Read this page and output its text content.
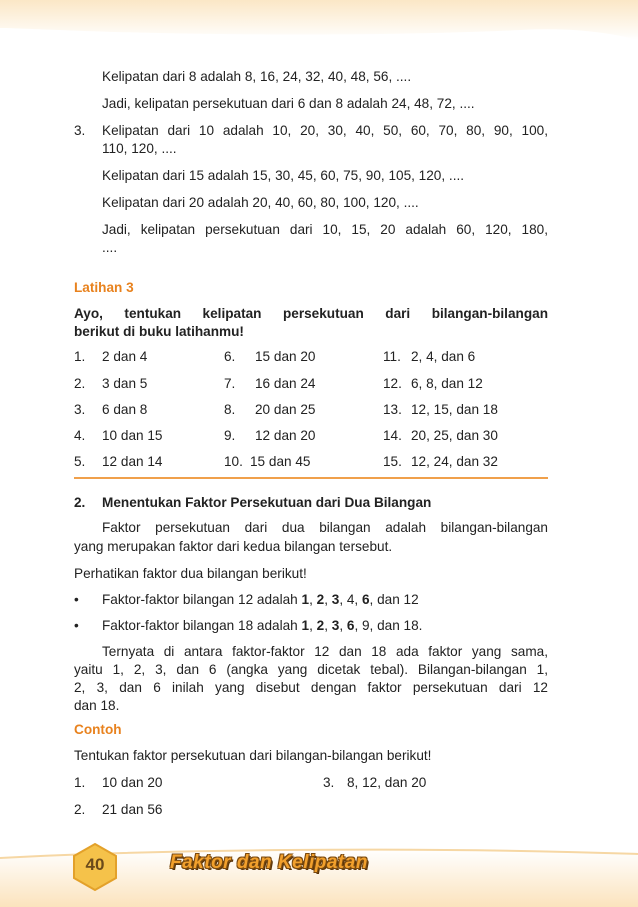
Kelipatan dari 8 adalah 8, 16, 24, 32, 40, 48, 56, ....
Jadi, kelipatan persekutuan dari 6 dan 8 adalah 24, 48, 72, ....
3. Kelipatan dari 10 adalah 10, 20, 30, 40, 50, 60, 70, 80, 90, 100,
110, 120, ....
Kelipatan dari 15 adalah 15, 30, 45, 60, 75, 90, 105, 120, ....
Kelipatan dari 20 adalah 20, 40, 60, 80, 100, 120, ....
Jadi, kelipatan persekutuan dari 10, 15, 20 adalah 60, 120, 180,
....
Latihan 3
Ayo, tentukan kelipatan persekutuan dari bilangan-bilangan
berikut di buku latihanmu!
1. 2 dan 4
2. 3 dan 5
3. 6 dan 8
4. 10 dan 15
5. 12 dan 14
6. 15 dan 20
7. 16 dan 24
8. 20 dan 25
9. 12 dan 20
10. 15 dan 45
11. 2, 4, dan 6
12. 6, 8, dan 12
13. 12, 15, dan 18
14. 20, 25, dan 30
15. 12, 24, dan 32
2. Menentukan Faktor Persekutuan dari Dua Bilangan
Faktor persekutuan dari dua bilangan adalah bilangan-bilangan
yang merupakan faktor dari kedua bilangan tersebut.
Perhatikan faktor dua bilangan berikut!
• Faktor-faktor bilangan 12 adalah 1, 2, 3, 4, 6, dan 12
• Faktor-faktor bilangan 18 adalah 1, 2, 3, 6, 9, dan 18.
Ternyata di antara faktor-faktor 12 dan 18 ada faktor yang sama,
yaitu 1, 2, 3, dan 6 (angka yang dicetak tebal). Bilangan-bilangan 1,
2, 3, dan 6 inilah yang disebut dengan faktor persekutuan dari 12
dan 18.
Contoh
Tentukan faktor persekutuan dari bilangan-bilangan berikut!
1. 10 dan 20	3. 8, 12, dan 20
2. 21 dan 56
40	Faktor dan Kelipatan
